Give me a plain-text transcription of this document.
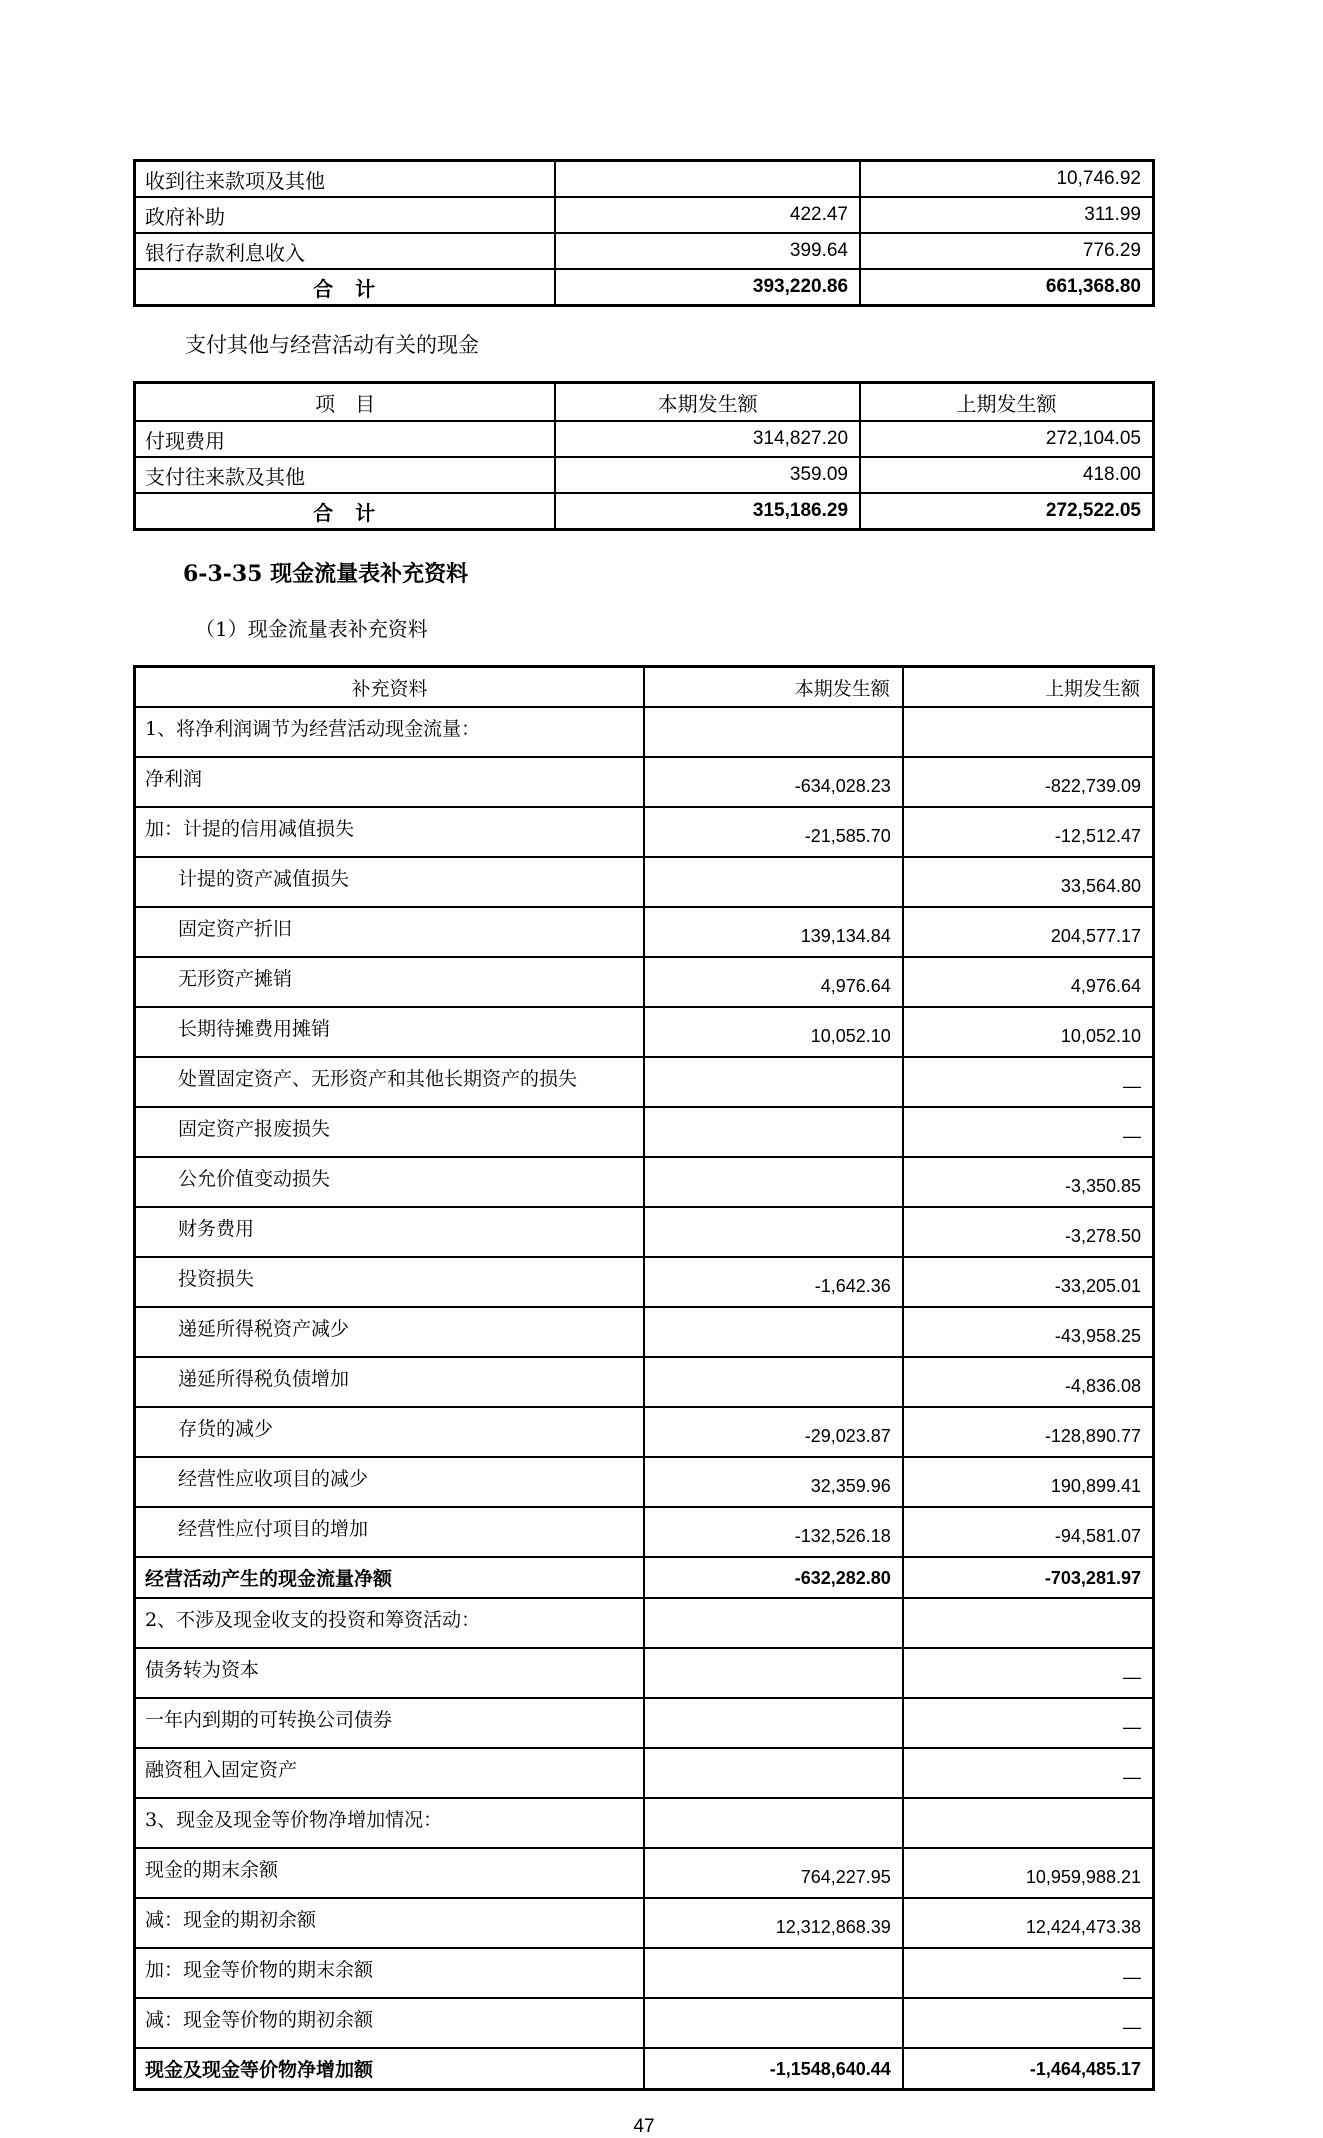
收到往来款项及其他		10,746.92
政府补助	422.47	311.99
银行存款利息收入	399.64	776.29
合　计	393,220.86	661,368.80
支付其他与经营活动有关的现金
项　目	本期发生额	上期发生额
付现费用	314,827.20	272,104.05
支付往来款及其他	359.09	418.00
合　计	315,186.29	272,522.05
6-3-35 现金流量表补充资料
（1）现金流量表补充资料
补充资料	本期发生额	上期发生额
1、将净利润调节为经营活动现金流量：		
净利润	-634,028.23	-822,739.09
加：计提的信用减值损失	-21,585.70	-12,512.47
计提的资产减值损失		33,564.80
固定资产折旧	139,134.84	204,577.17
无形资产摊销	4,976.64	4,976.64
长期待摊费用摊销	10,052.10	10,052.10
处置固定资产、无形资产和其他长期资产的损失		—
固定资产报废损失		—
公允价值变动损失		-3,350.85
财务费用		-3,278.50
投资损失	-1,642.36	-33,205.01
递延所得税资产减少		-43,958.25
递延所得税负债增加		-4,836.08
存货的减少	-29,023.87	-128,890.77
经营性应收项目的减少	32,359.96	190,899.41
经营性应付项目的增加	-132,526.18	-94,581.07
经营活动产生的现金流量净额	-632,282.80	-703,281.97
2、不涉及现金收支的投资和筹资活动：		
债务转为资本		—
一年内到期的可转换公司债券		—
融资租入固定资产		—
3、现金及现金等价物净增加情况：		
现金的期末余额	764,227.95	10,959,988.21
减：现金的期初余额	12,312,868.39	12,424,473.38
加：现金等价物的期末余额		—
减：现金等价物的期初余额		—
现金及现金等价物净增加额	-1,1548,640.44	-1,464,485.17
47
